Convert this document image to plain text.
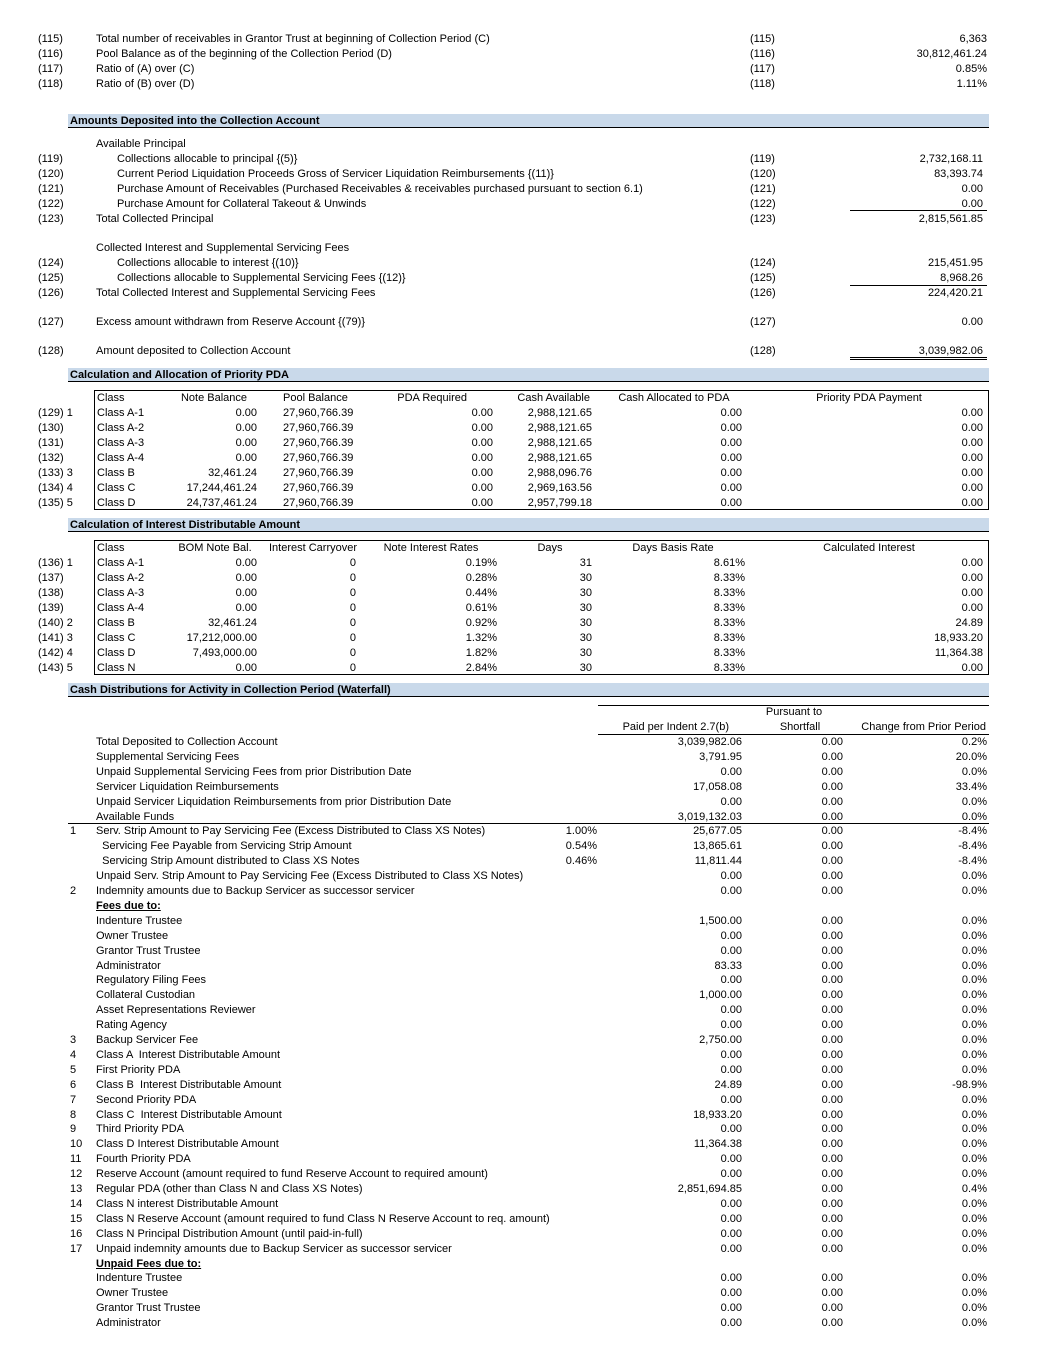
(115)	Total number of receivables in Grantor Trust at beginning of Collection Period (C)	(115)	6,363
(116)	Pool Balance as of the beginning of the Collection Period (D)	(116)	30,812,461.24
(117)	Ratio of (A) over (C)	(117)	0.85%
(118)	Ratio of (B) over (D)	(118)	1.11%
Amounts Deposited into the Collection Account
Available Principal
(119)	Collections allocable to principal {(5)}	(119)	2,732,168.11
(120)	Current Period Liquidation Proceeds Gross of Servicer Liquidation Reimbursements {(11)}	(120)	83,393.74
(121)	Purchase Amount of Receivables (Purchased Receivables & receivables purchased pursuant to section 6.1)	(121)	0.00
(122)	Purchase Amount for Collateral Takeout & Unwinds	(122)	0.00
(123)	Total Collected Principal	(123)	2,815,561.85
Collected Interest and Supplemental Servicing Fees
(124)	Collections allocable to interest {(10)}	(124)	215,451.95
(125)	Collections allocable to Supplemental Servicing Fees {(12)}	(125)	8,968.26
(126)	Total Collected Interest and Supplemental Servicing Fees	(126)	224,420.21
(127)	Excess amount withdrawn from Reserve Account {(79)}	(127)	0.00
(128)	Amount deposited to Collection Account	(128)	3,039,982.06
Calculation and Allocation of Priority PDA
Class	Note Balance	Pool Balance	PDA Required	Cash Available	Cash Allocated to PDA	Priority PDA Payment
(129) 1 Class A-1	0.00 27,960,766.39	0.00	2,988,121.65	0.00	0.00
(130)	Class A-2	0.00 27,960,766.39	0.00	2,988,121.65	0.00	0.00
(131)	Class A-3	0.00 27,960,766.39	0.00	2,988,121.65	0.00	0.00
(132)	Class A-4	0.00 27,960,766.39	0.00	2,988,121.65	0.00	0.00
(133) 3 Class B	32,461.24 27,960,766.39	0.00	2,988,096.76	0.00	0.00
(134) 4 Class C	17,244,461.24 27,960,766.39	0.00	2,969,163.56	0.00	0.00
(135) 5 Class D	24,737,461.24 27,960,766.39	0.00	2,957,799.18	0.00	0.00
Calculation of Interest Distributable Amount
Class	BOM Note Bal.	Interest Carryover	Note Interest Rates	Days	Days Basis Rate	Calculated Interest
(136) 1 Class A-1	0.00	0	0.19%	31	8.61%	0.00
(137)	Class A-2	0.00	0	0.28%	30	8.33%	0.00
(138)	Class A-3	0.00	0	0.44%	30	8.33%	0.00
(139)	Class A-4	0.00	0	0.61%	30	8.33%	0.00
(140) 2 Class B	32,461.24	0	0.92%	30	8.33%	24.89
(141) 3 Class C	17,212,000.00	0	1.32%	30	8.33%	18,933.20
(142) 4 Class D	7,493,000.00	0	1.82%	30	8.33%	11,364.38
(143) 5 Class N	0.00	0	2.84%	30	8.33%	0.00
Cash Distributions for Activity in Collection Period (Waterfall)
Pursuant to
Paid per Indent 2.7(b)	Shortfall	Change from Prior Period
Total Deposited to Collection Account	3,039,982.06	0.00	0.2%
Supplemental Servicing Fees	3,791.95	0.00	20.0%
Unpaid Supplemental Servicing Fees from prior Distribution Date	0.00	0.00	0.0%
Servicer Liquidation Reimbursements	17,058.08	0.00	33.4%
Unpaid Servicer Liquidation Reimbursements from prior Distribution Date	0.00	0.00	0.0%
Available Funds	3,019,132.03	0.00	0.0%
1 Serv. Strip Amount to Pay Servicing Fee (Excess Distributed to Class XS Notes)	1.00%	25,677.05	0.00	-8.4%
Servicing Fee Payable from Servicing Strip Amount	0.54%	13,865.61	0.00	-8.4%
Servicing Strip Amount distributed to Class XS Notes	0.46%	11,811.44	0.00	-8.4%
Unpaid Serv. Strip Amount to Pay Servicing Fee (Excess Distributed to Class XS Notes)	0.00	0.00	0.0%
2 Indemnity amounts due to Backup Servicer as successor servicer	0.00	0.00	0.0%
Fees due to:
Indenture Trustee	1,500.00	0.00	0.0%
Owner Trustee	0.00	0.00	0.0%
Grantor Trust Trustee	0.00	0.00	0.0%
Administrator	83.33	0.00	0.0%
Regulatory Filing Fees	0.00	0.00	0.0%
Collateral Custodian	1,000.00	0.00	0.0%
Asset Representations Reviewer	0.00	0.00	0.0%
Rating Agency	0.00	0.00	0.0%
3 Backup Servicer Fee	2,750.00	0.00	0.0%
4 Class A  Interest Distributable Amount	0.00	0.00	0.0%
5 First Priority PDA	0.00	0.00	0.0%
6 Class B  Interest Distributable Amount	24.89	0.00	-98.9%
7 Second Priority PDA	0.00	0.00	0.0%
8 Class C  Interest Distributable Amount	18,933.20	0.00	0.0%
9 Third Priority PDA	0.00	0.00	0.0%
10 Class D Interest Distributable Amount	11,364.38	0.00	0.0%
11 Fourth Priority PDA	0.00	0.00	0.0%
12 Reserve Account (amount required to fund Reserve Account to required amount)	0.00	0.00	0.0%
13 Regular PDA (other than Class N and Class XS Notes)	2,851,694.85	0.00	0.4%
14 Class N interest Distributable Amount	0.00	0.00	0.0%
15 Class N Reserve Account (amount required to fund Class N Reserve Account to req. amount)	0.00	0.00	0.0%
16 Class N Principal Distribution Amount (until paid-in-full)	0.00	0.00	0.0%
17 Unpaid indemnity amounts due to Backup Servicer as successor servicer	0.00	0.00	0.0%
Unpaid Fees due to:
Indenture Trustee	0.00	0.00	0.0%
Owner Trustee	0.00	0.00	0.0%
Grantor Trust Trustee	0.00	0.00	0.0%
Administrator	0.00	0.00	0.0%
